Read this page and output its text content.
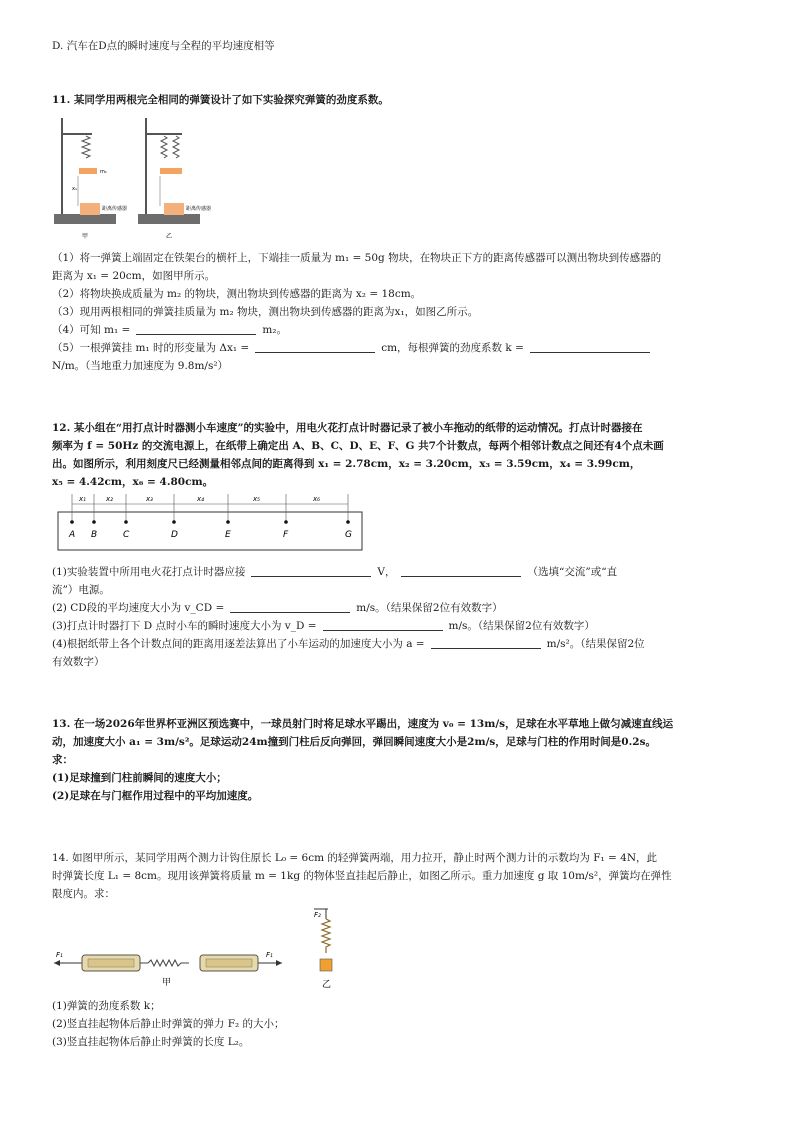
D. 汽车在D点的瞬时速度与全程的平均速度相等
11. 某同学用两根完全相同的弹簧设计了如下实验探究弹簧的劲度系数。
m₁
x₁
距离传感器	距离传感器
甲	乙
（1）将一弹簧上端固定在铁架台的横杆上，下端挂一质量为 m₁ = 50g 物块，在物块正下方的距离传感器可以测出物块到传感器的
距离为 x₁ = 20cm，如图甲所示。
（2）将物块换成质量为 m₂ 的物块，测出物块到传感器的距离为 x₂ = 18cm。
（3）现用两根相同的弹簧挂质量为 m₂ 物块，测出物块到传感器的距离为x₁，如图乙所示。
（4）可知 m₁ =	m₂。
（5）一根弹簧挂 m₁ 时的形变量为 Δx₁ =	cm，每根弹簧的劲度系数 k =
N/m。（当地重力加速度为 9.8m/s²）
12. 某小组在“用打点计时器测小车速度”的实验中，用电火花打点计时器记录了被小车拖动的纸带的运动情况。打点计时器接在
频率为 f = 50Hz 的交流电源上，在纸带上确定出 A、B、C、D、E、F、G 共7个计数点，每两个相邻计数点之间还有4个点未画
出。如图所示，利用刻度尺已经测量相邻点间的距离得到 x₁ = 2.78cm，x₂ = 3.20cm，x₃ = 3.59cm，x₄ = 3.99cm，
x₅ = 4.42cm，x₆ = 4.80cm。
A B	C	D	E	F	G
x₁	x₂	x₃	x₄	x₅	x₆
(1)实验装置中所用电火花打点计时器应接	V，	（选填“交流”或“直
流”）电源。
(2) CD段的平均速度大小为 v_CD =	m/s。（结果保留2位有效数字）
(3)打点计时器打下 D 点时小车的瞬时速度大小为 v_D =	m/s。（结果保留2位有效数字）
(4)根据纸带上各个计数点间的距离用逐差法算出了小车运动的加速度大小为 a =	m/s²。（结果保留2位
有效数字）
13. 在一场2026年世界杯亚洲区预选赛中，一球员射门时将足球水平踢出，速度为 v₀ = 13m/s，足球在水平草地上做匀减速直线运
动，加速度大小 a₁ = 3m/s²。足球运动24m撞到门柱后反向弹回，弹回瞬间速度大小是2m/s，足球与门柱的作用时间是0.2s。
求：
(1)足球撞到门柱前瞬间的速度大小；
(2)足球在与门框作用过程中的平均加速度。
14. 如图甲所示，某同学用两个测力计钩住原长 L₀ = 6cm 的轻弹簧两端，用力拉开，静止时两个测力计的示数均为 F₁ = 4N，此
时弹簧长度 L₁ = 8cm。现用该弹簧将质量 m = 1kg 的物体竖直挂起后静止，如图乙所示。重力加速度 g 取 10m/s²，弹簧均在弹性
限度内。求：
F₁	F₁
甲
F₂
乙
(1)弹簧的劲度系数 k；
(2)竖直挂起物体后静止时弹簧的弹力 F₂ 的大小；
(3)竖直挂起物体后静止时弹簧的长度 L₂。
